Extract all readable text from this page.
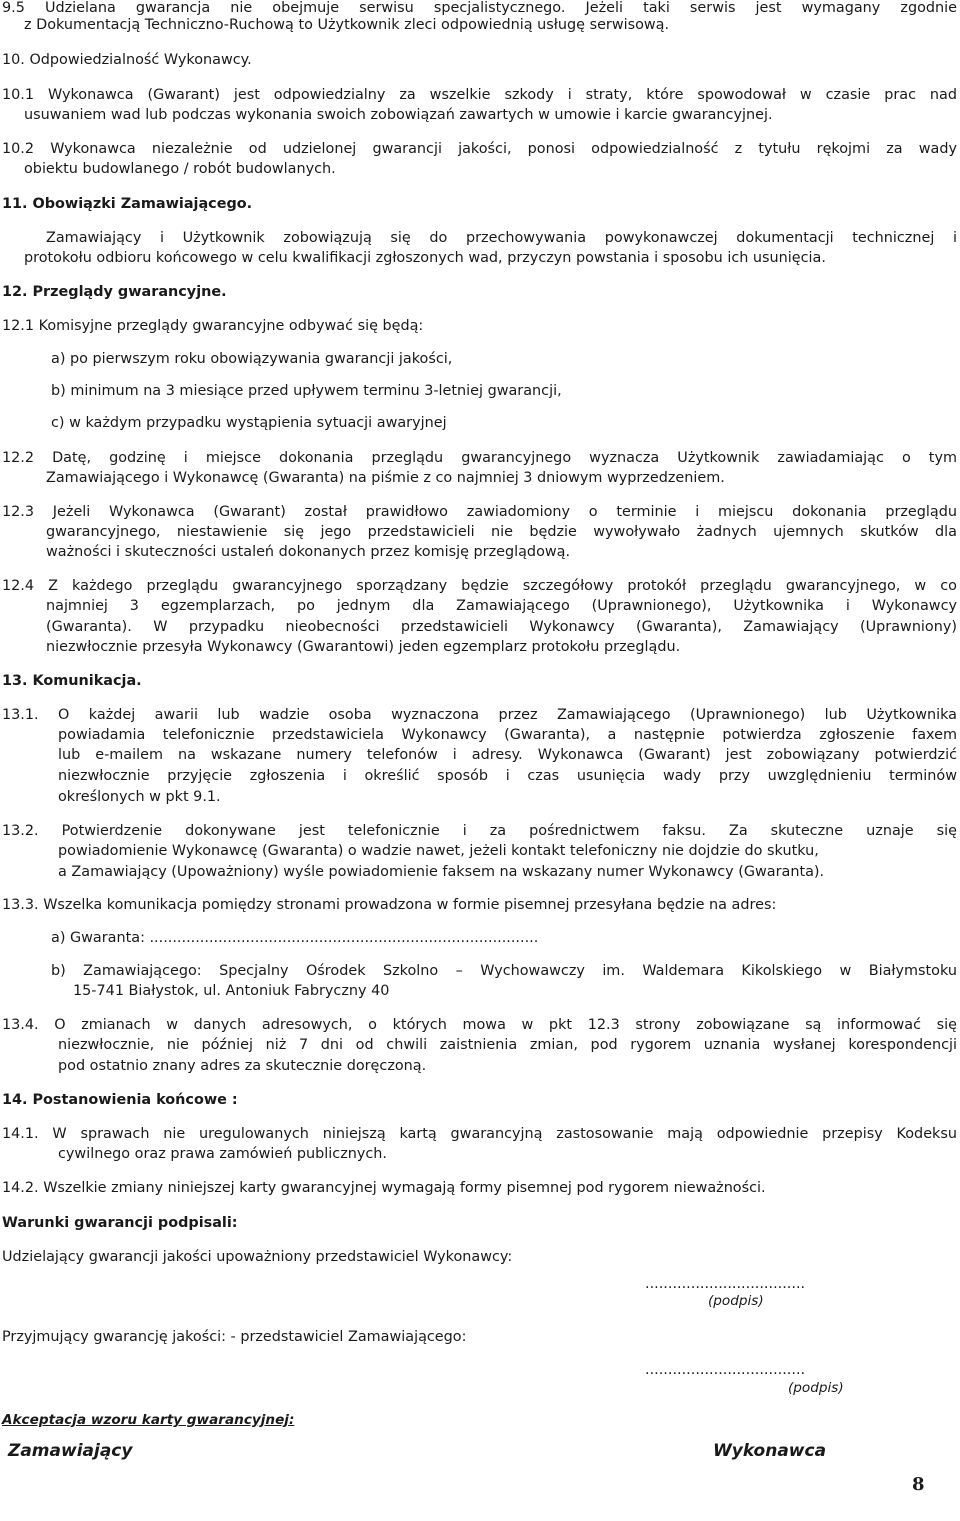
9.5 Udzielana gwarancja nie obejmuje serwisu specjalistycznego. Jeżeli taki serwis jest wymagany zgodnie
z Dokumentacją Techniczno-Ruchową to Użytkownik zleci odpowiednią usługę serwisową.
10. Odpowiedzialność Wykonawcy.
10.1 Wykonawca (Gwarant) jest odpowiedzialny za wszelkie szkody i straty, które spowodował w czasie prac nad
usuwaniem wad lub podczas wykonania swoich zobowiązań zawartych w umowie i karcie gwarancyjnej.
10.2 Wykonawca niezależnie od udzielonej gwarancji jakości, ponosi odpowiedzialność z tytułu rękojmi za wady
obiektu budowlanego / robót budowlanych.
11. Obowiązki Zamawiającego.
Zamawiający i Użytkownik zobowiązują się do przechowywania powykonawczej dokumentacji technicznej i
protokołu odbioru końcowego w celu kwalifikacji zgłoszonych wad, przyczyn powstania i sposobu ich usunięcia.
12. Przeglądy gwarancyjne.
12.1 Komisyjne przeglądy gwarancyjne odbywać się będą:
a) po pierwszym roku obowiązywania gwarancji jakości,
b) minimum na 3 miesiące przed upływem terminu 3-letniej gwarancji,
c) w każdym przypadku wystąpienia sytuacji awaryjnej
12.2 Datę, godzinę i miejsce dokonania przeglądu gwarancyjnego wyznacza Użytkownik zawiadamiając o tym
Zamawiającego i Wykonawcę (Gwaranta) na piśmie z co najmniej 3 dniowym wyprzedzeniem.
12.3 Jeżeli Wykonawca (Gwarant) został prawidłowo zawiadomiony o terminie i miejscu dokonania przeglądu
gwarancyjnego, niestawienie się jego przedstawicieli nie będzie wywoływało żadnych ujemnych skutków dla
ważności i skuteczności ustaleń dokonanych przez komisję przeglądową.
12.4 Z każdego przeglądu gwarancyjnego sporządzany będzie szczegółowy protokół przeglądu gwarancyjnego, w co
najmniej 3 egzemplarzach, po jednym dla Zamawiającego (Uprawnionego), Użytkownika i Wykonawcy
(Gwaranta). W przypadku nieobecności przedstawicieli Wykonawcy (Gwaranta), Zamawiający (Uprawniony)
niezwłocznie przesyła Wykonawcy (Gwarantowi) jeden egzemplarz protokołu przeglądu.
13. Komunikacja.
13.1. O każdej awarii lub wadzie osoba wyznaczona przez Zamawiającego (Uprawnionego) lub Użytkownika
powiadamia telefonicznie przedstawiciela Wykonawcy (Gwaranta), a następnie potwierdza zgłoszenie faxem
lub e-mailem na wskazane numery telefonów i adresy. Wykonawca (Gwarant) jest zobowiązany potwierdzić
niezwłocznie przyjęcie zgłoszenia i określić sposób i czas usunięcia wady przy uwzględnieniu terminów
określonych w pkt 9.1.
13.2. Potwierdzenie dokonywane jest telefonicznie i za pośrednictwem faksu. Za skuteczne uznaje się
powiadomienie Wykonawcę (Gwaranta) o wadzie nawet, jeżeli kontakt telefoniczny nie dojdzie do skutku,
a Zamawiający (Upoważniony) wyśle powiadomienie faksem na wskazany numer Wykonawcy (Gwaranta).
13.3. Wszelka komunikacja pomiędzy stronami prowadzona w formie pisemnej przesyłana będzie na adres:
a) Gwaranta: .....................................................................................
b) Zamawiającego: Specjalny Ośrodek Szkolno – Wychowawczy im. Waldemara Kikolskiego w Białymstoku
15-741 Białystok, ul. Antoniuk Fabryczny 40
13.4. O zmianach w danych adresowych, o których mowa w pkt 12.3 strony zobowiązane są informować się
niezwłocznie, nie później niż 7 dni od chwili zaistnienia zmian, pod rygorem uznania wysłanej korespondencji
pod ostatnio znany adres za skutecznie doręczoną.
14. Postanowienia końcowe :
14.1. W sprawach nie uregulowanych niniejszą kartą gwarancyjną zastosowanie mają odpowiednie przepisy Kodeksu
cywilnego oraz prawa zamówień publicznych.
14.2. Wszelkie zmiany niniejszej karty gwarancyjnej wymagają formy pisemnej pod rygorem nieważności.
Warunki gwarancji podpisali:
Udzielający gwarancji jakości upoważniony przedstawiciel Wykonawcy:
...................................
(podpis)
Przyjmujący gwarancję jakości: - przedstawiciel Zamawiającego:
...................................
(podpis)
Akceptacja wzoru karty gwarancyjnej:
Zamawiający	Wykonawca
8
